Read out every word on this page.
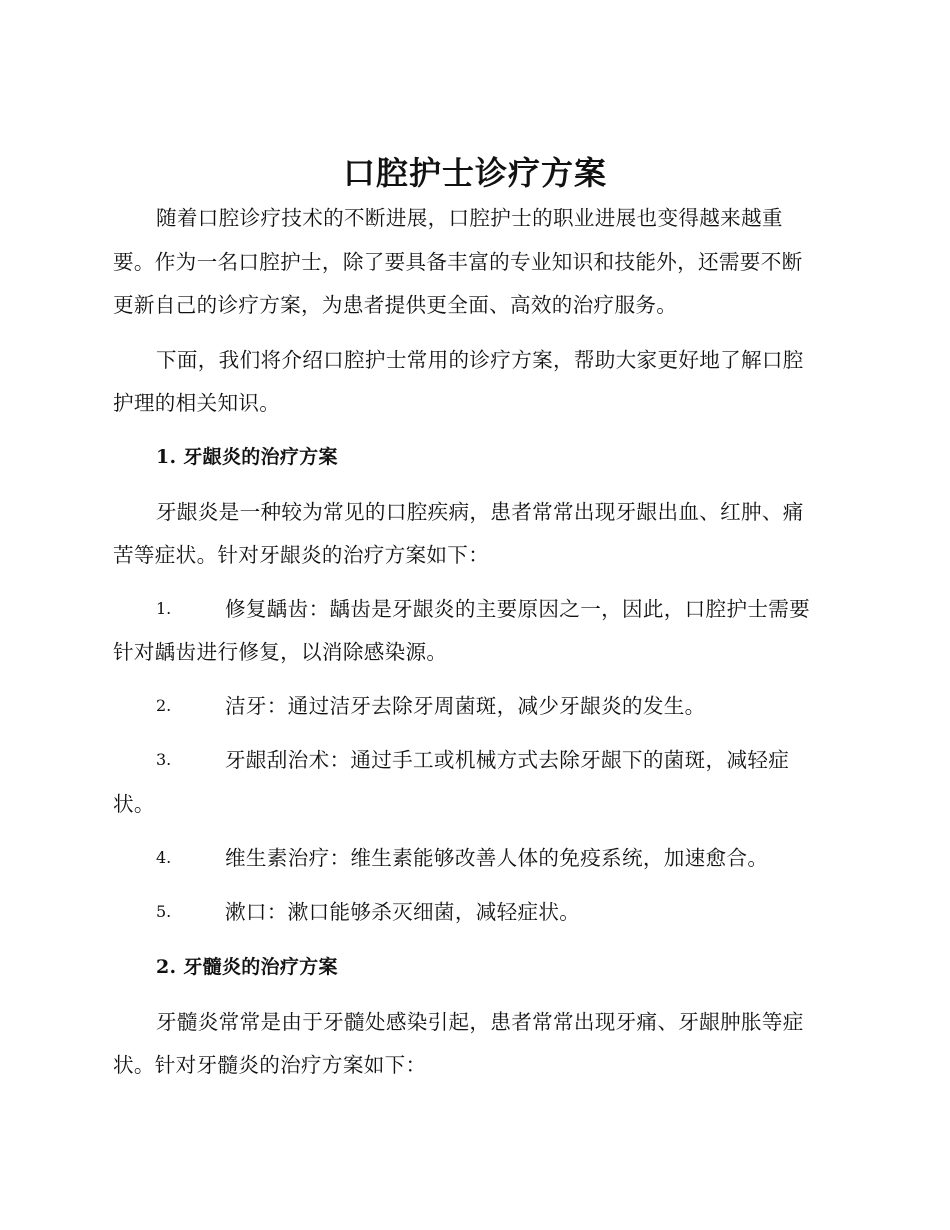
口腔护士诊疗方案
随着口腔诊疗技术的不断进展，口腔护士的职业进展也变得越来越重
要。作为一名口腔护士，除了要具备丰富的专业知识和技能外，还需要不断
更新自己的诊疗方案，为患者提供更全面、高效的治疗服务。
下面，我们将介绍口腔护士常用的诊疗方案，帮助大家更好地了解口腔
护理的相关知识。
1. 牙龈炎的治疗方案
牙龈炎是一种较为常见的口腔疾病，患者常常出现牙龈出血、红肿、痛
苦等症状。针对牙龈炎的治疗方案如下：
1.	修复龋齿：龋齿是牙龈炎的主要原因之一，因此，口腔护士需要
针对龋齿进行修复，以消除感染源。
2.	洁牙：通过洁牙去除牙周菌斑，减少牙龈炎的发生。
3.	牙龈刮治术：通过手工或机械方式去除牙龈下的菌斑，减轻症
状。
4.	维生素治疗：维生素能够改善人体的免疫系统，加速愈合。
5.	漱口：漱口能够杀灭细菌，减轻症状。
2. 牙髓炎的治疗方案
牙髓炎常常是由于牙髓处感染引起，患者常常出现牙痛、牙龈肿胀等症
状。针对牙髓炎的治疗方案如下：
